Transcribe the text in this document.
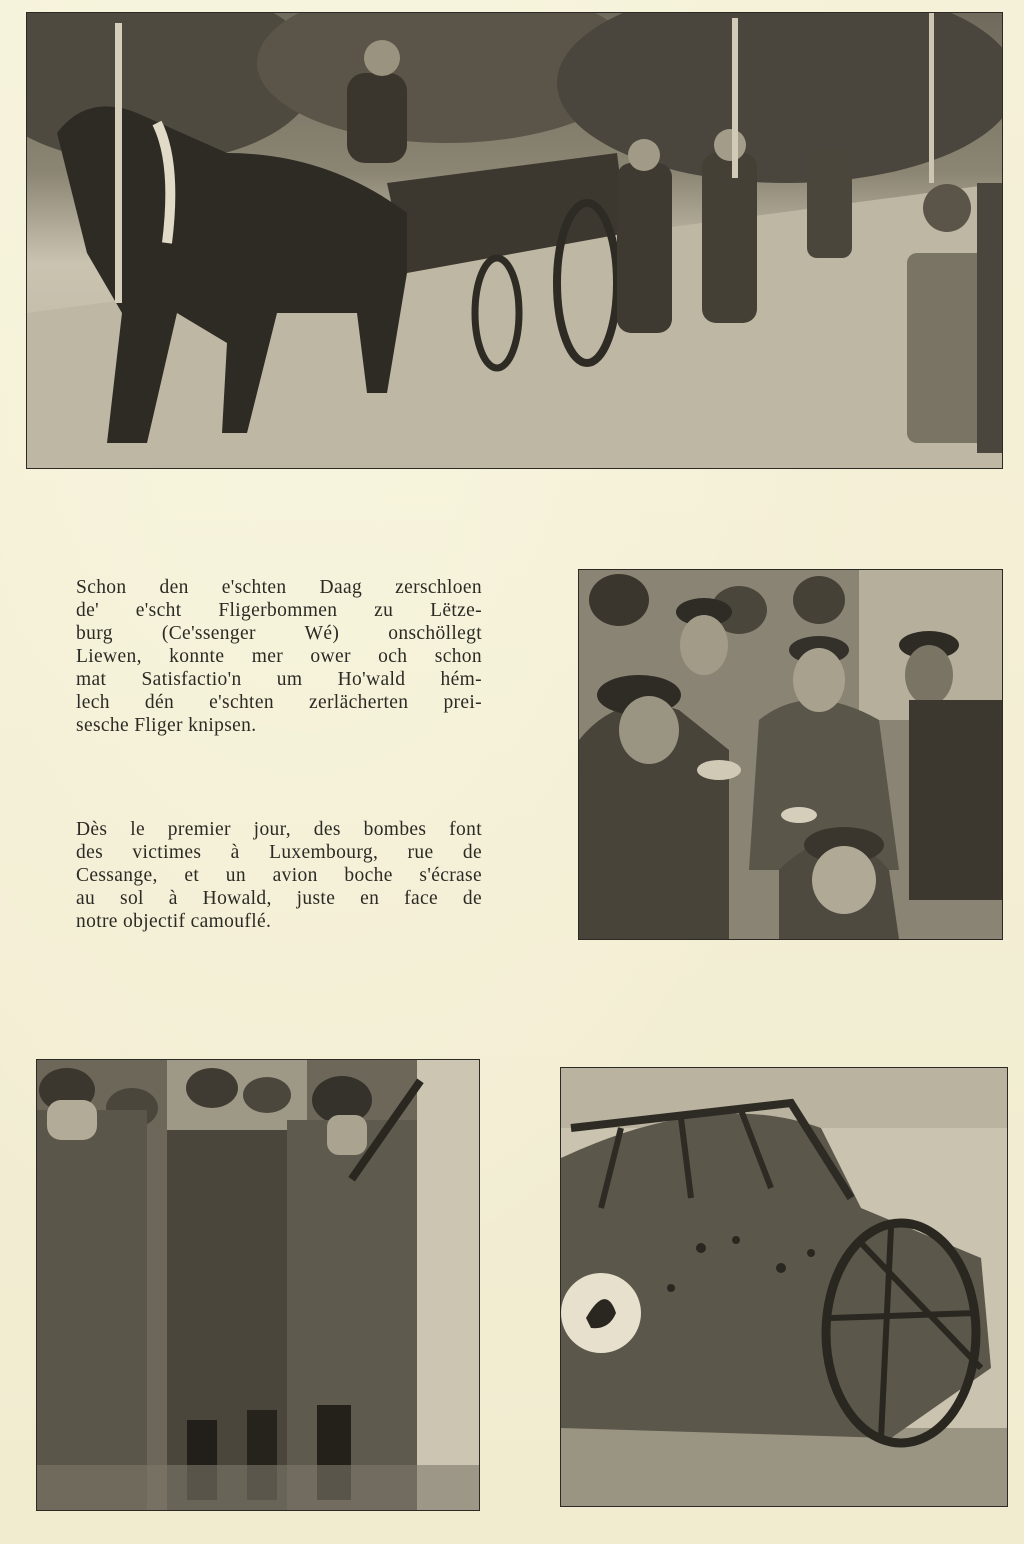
Schon den e'schten Daag zerschloen
de' e'scht Fligerbommen zu Lëtze-
burg (Ce'ssenger Wé) onschöllegt
Liewen, konnte mer ower och schon
mat Satisfactio'n um Ho'wald hém-
lech dén e'schten zerlächerten prei-
sesche Fliger knipsen.
Dès le premier jour, des bombes font
des victimes à Luxembourg, rue de
Cessange, et un avion boche s'écrase
au sol à Howald, juste en face de
notre objectif camouflé.
